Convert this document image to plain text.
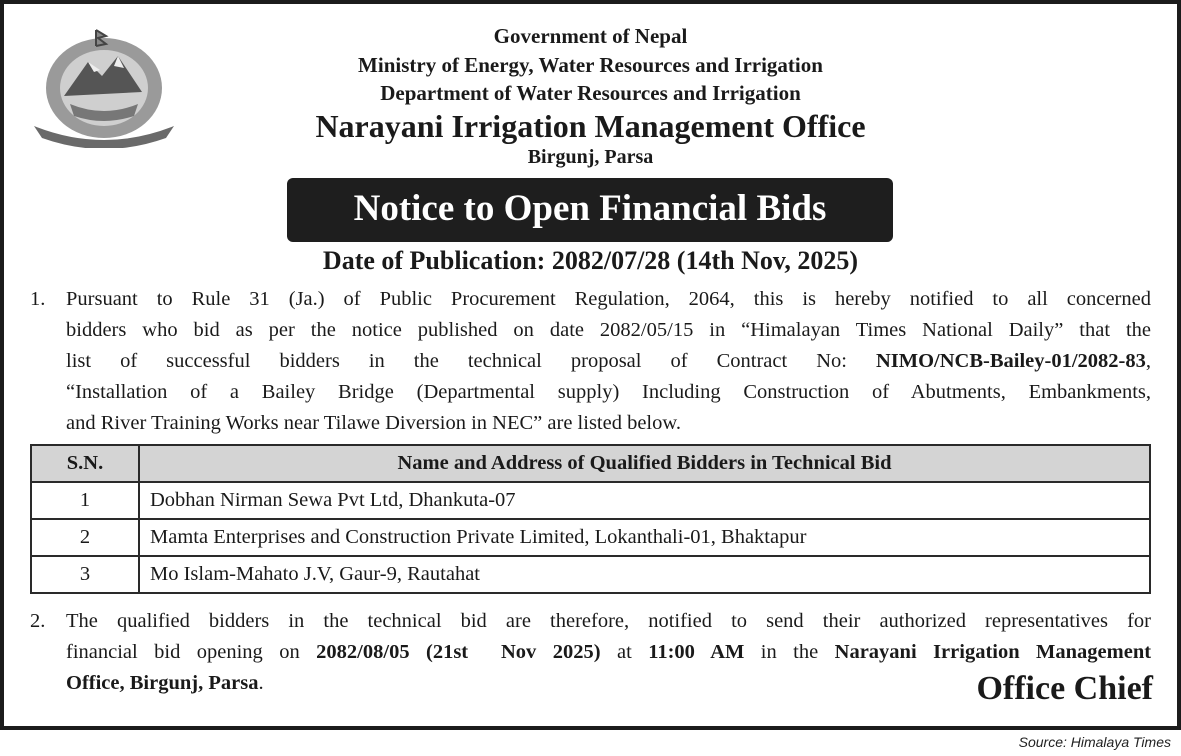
Government of Nepal
Ministry of Energy, Water Resources and Irrigation
Department of Water Resources and Irrigation
Narayani Irrigation Management Office
Birgunj, Parsa
Notice to Open Financial Bids
Date of Publication: 2082/07/28 (14th Nov, 2025)
1. Pursuant to Rule 31 (Ja.) of Public Procurement Regulation, 2064, this is hereby notified to all concerned
bidders who bid as per the notice published on date 2082/05/15 in “Himalayan Times National Daily” that the
list of successful bidders in the technical proposal of Contract No: NIMO/NCB-Bailey-01/2082-83,
“Installation of a Bailey Bridge (Departmental supply) Including Construction of Abutments, Embankments,
and River Training Works near Tilawe Diversion in NEC” are listed below.
S.N.	Name and Address of Qualified Bidders in Technical Bid
1	Dobhan Nirman Sewa Pvt Ltd, Dhankuta-07
2	Mamta Enterprises and Construction Private Limited, Lokanthali-01, Bhaktapur
3	Mo Islam-Mahato J.V, Gaur-9, Rautahat
2. The qualified bidders in the technical bid are therefore, notified to send their authorized representatives for
financial bid opening on 2082/08/05 (21st  Nov 2025) at 11:00 AM in the Narayani Irrigation Management
Office, Birgunj, Parsa.	Office Chief
Source: Himalaya Times
